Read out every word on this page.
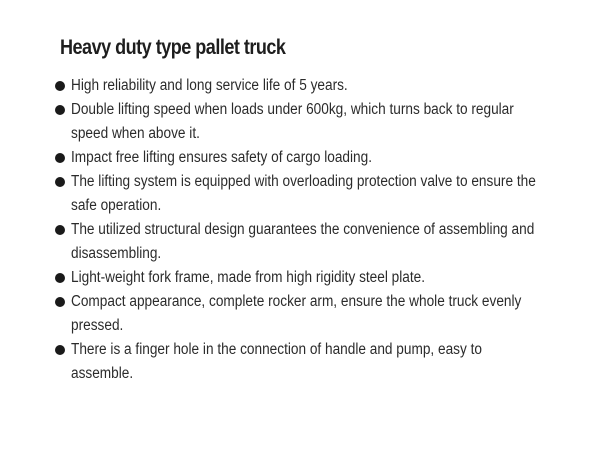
Heavy duty type pallet truck
High reliability and long service life of 5 years.
Double lifting speed when loads under 600kg, which turns back to regular
speed when above it.
Impact free lifting ensures safety of cargo loading.
The lifting system is equipped with overloading protection valve to ensure the
safe operation.
The utilized structural design guarantees the convenience of assembling and
disassembling.
Light-weight fork frame, made from high rigidity steel plate.
Compact appearance, complete rocker arm, ensure the whole truck evenly
pressed.
There is a finger hole in the connection of handle and pump, easy to
assemble.
